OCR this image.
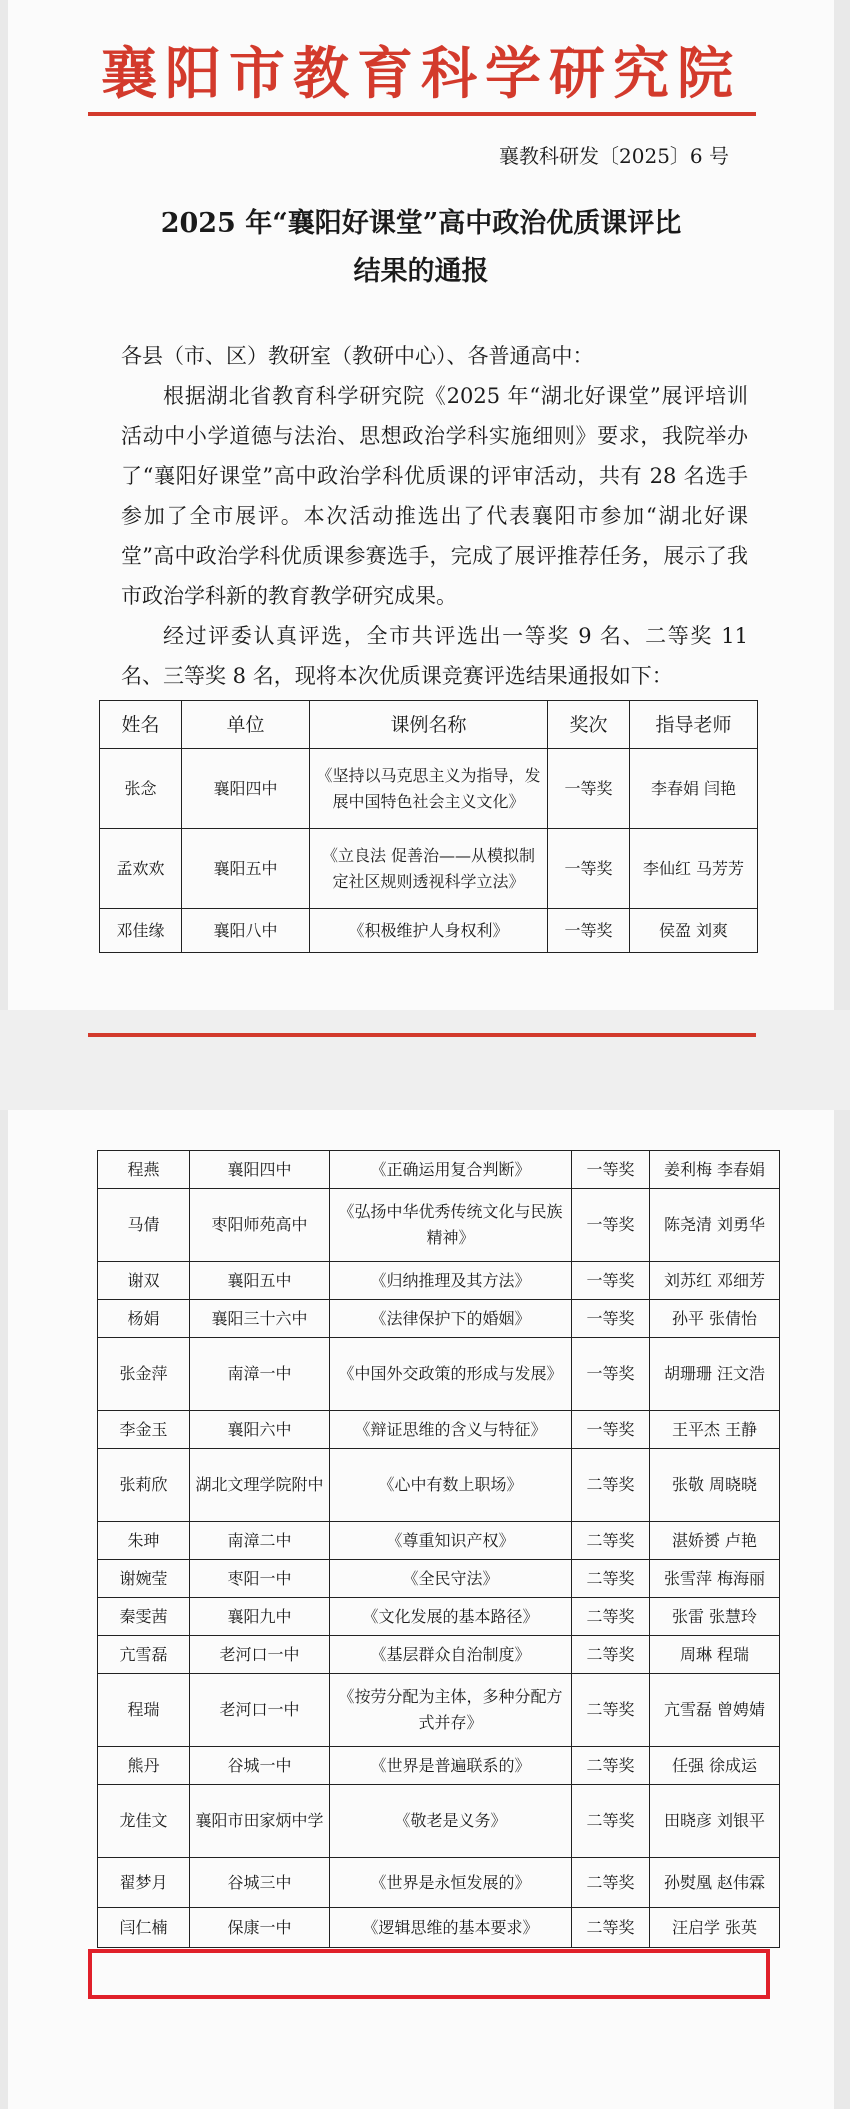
襄阳市教育科学研究院
襄教科研发〔2025〕6 号
2025 年“襄阳好课堂”高中政治优质课评比
结果的通报

各县（市、区）教研室（教研中心）、各普通高中：

根据湖北省教育科学研究院《2025 年“湖北好课堂”展评培训活动中小学道德与法治、思想政治学科实施细则》要求，我院举办了“襄阳好课堂”高中政治学科优质课的评审活动，共有 28 名选手参加了全市展评。本次活动推选出了代表襄阳市参加“湖北好课堂”高中政治学科优质课参赛选手，完成了展评推荐任务，展示了我市政治学科新的教育教学研究成果。

经过评委认真评选，全市共评选出一等奖 9 名、二等奖 11 名、三等奖 8 名，现将本次优质课竞赛评选结果通报如下：

姓名	单位	课例名称	奖次	指导老师
张念	襄阳四中	《坚持以马克思主义为指导，发展中国特色社会主义文化》	一等奖	李春娟 闫艳
孟欢欢	襄阳五中	《立良法 促善治——从模拟制定社区规则透视科学立法》	一等奖	李仙红 马芳芳
邓佳缘	襄阳八中	《积极维护人身权利》	一等奖	侯盈 刘爽
程燕	襄阳四中	《正确运用复合判断》	一等奖	姜利梅 李春娟
马倩	枣阳师苑高中	《弘扬中华优秀传统文化与民族精神》	一等奖	陈尧清 刘勇华
谢双	襄阳五中	《归纳推理及其方法》	一等奖	刘苏红 邓细芳
杨娟	襄阳三十六中	《法律保护下的婚姻》	一等奖	孙平 张倩怡
张金萍	南漳一中	《中国外交政策的形成与发展》	一等奖	胡珊珊 汪文浩
李金玉	襄阳六中	《辩证思维的含义与特征》	一等奖	王平杰 王静
张莉欣	湖北文理学院附中	《心中有数上职场》	二等奖	张敬 周晓晓
朱珅	南漳二中	《尊重知识产权》	二等奖	湛娇赟 卢艳
谢婉莹	枣阳一中	《全民守法》	二等奖	张雪萍 梅海丽
秦雯茜	襄阳九中	《文化发展的基本路径》	二等奖	张雷 张慧玲
亢雪磊	老河口一中	《基层群众自治制度》	二等奖	周琳 程瑞
程瑞	老河口一中	《按劳分配为主体，多种分配方式并存》	二等奖	亢雪磊 曾娉婧
熊丹	谷城一中	《世界是普遍联系的》	二等奖	任强 徐成运
龙佳文	襄阳市田家炳中学	《敬老是义务》	二等奖	田晓彦 刘银平
翟梦月	谷城三中	《世界是永恒发展的》	二等奖	孙熨凰 赵伟霖
闫仁楠	保康一中	《逻辑思维的基本要求》	二等奖	汪启学 张英
